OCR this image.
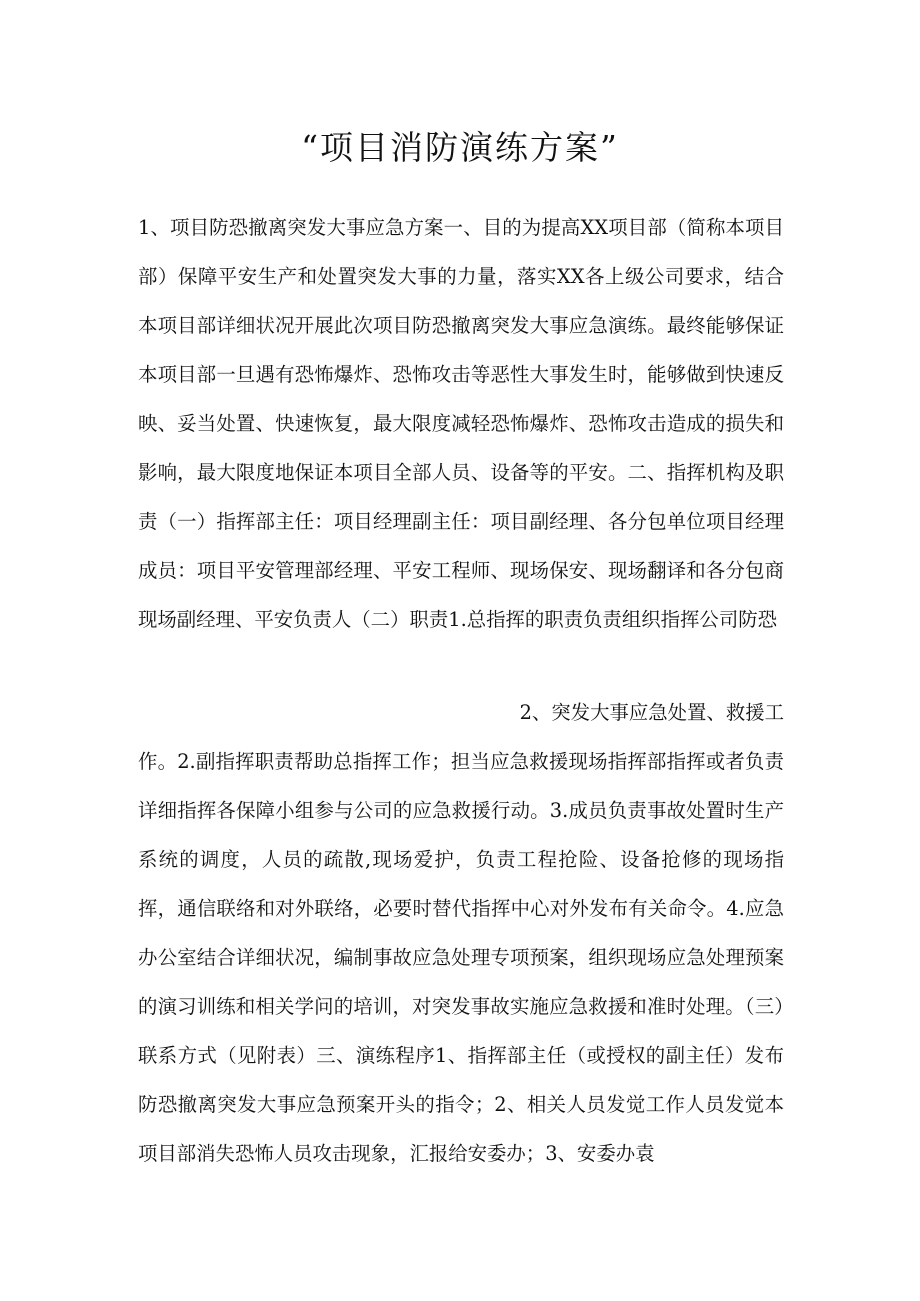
“项目消防演练方案”

1、项目防恐撤离突发大事应急方案一、目的为提高XX项目部（简称本项目部）保障平安生产和处置突发大事的力量，落实XX各上级公司要求，结合本项目部详细状况开展此次项目防恐撤离突发大事应急演练。最终能够保证本项目部一旦遇有恐怖爆炸、恐怖攻击等恶性大事发生时，能够做到快速反映、妥当处置、快速恢复，最大限度减轻恐怖爆炸、恐怖攻击造成的损失和影响，最大限度地保证本项目全部人员、设备等的平安。二、指挥机构及职责（一）指挥部主任：项目经理副主任：项目副经理、各分包单位项目经理成员：项目平安管理部经理、平安工程师、现场保安、现场翻译和各分包商现场副经理、平安负责人（二）职责1.总指挥的职责负责组织指挥公司防恐

2、突发大事应急处置、救援工

作。2.副指挥职责帮助总指挥工作；担当应急救援现场指挥部指挥或者负责详细指挥各保障小组参与公司的应急救援行动。3.成员负责事故处置时生产系统的调度，人员的疏散,现场爱护，负责工程抢险、设备抢修的现场指挥，通信联络和对外联络，必要时替代指挥中心对外发布有关命令。4.应急办公室结合详细状况，编制事故应急处理专项预案，组织现场应急处理预案的演习训练和相关学问的培训，对突发事故实施应急救援和准时处理。（三）联系方式（见附表）三、演练程序1、指挥部主任（或授权的副主任）发布防恐撤离突发大事应急预案开头的指令；2、相关人员发觉工作人员发觉本项目部消失恐怖人员攻击现象，汇报给安委办；3、安委办袁
